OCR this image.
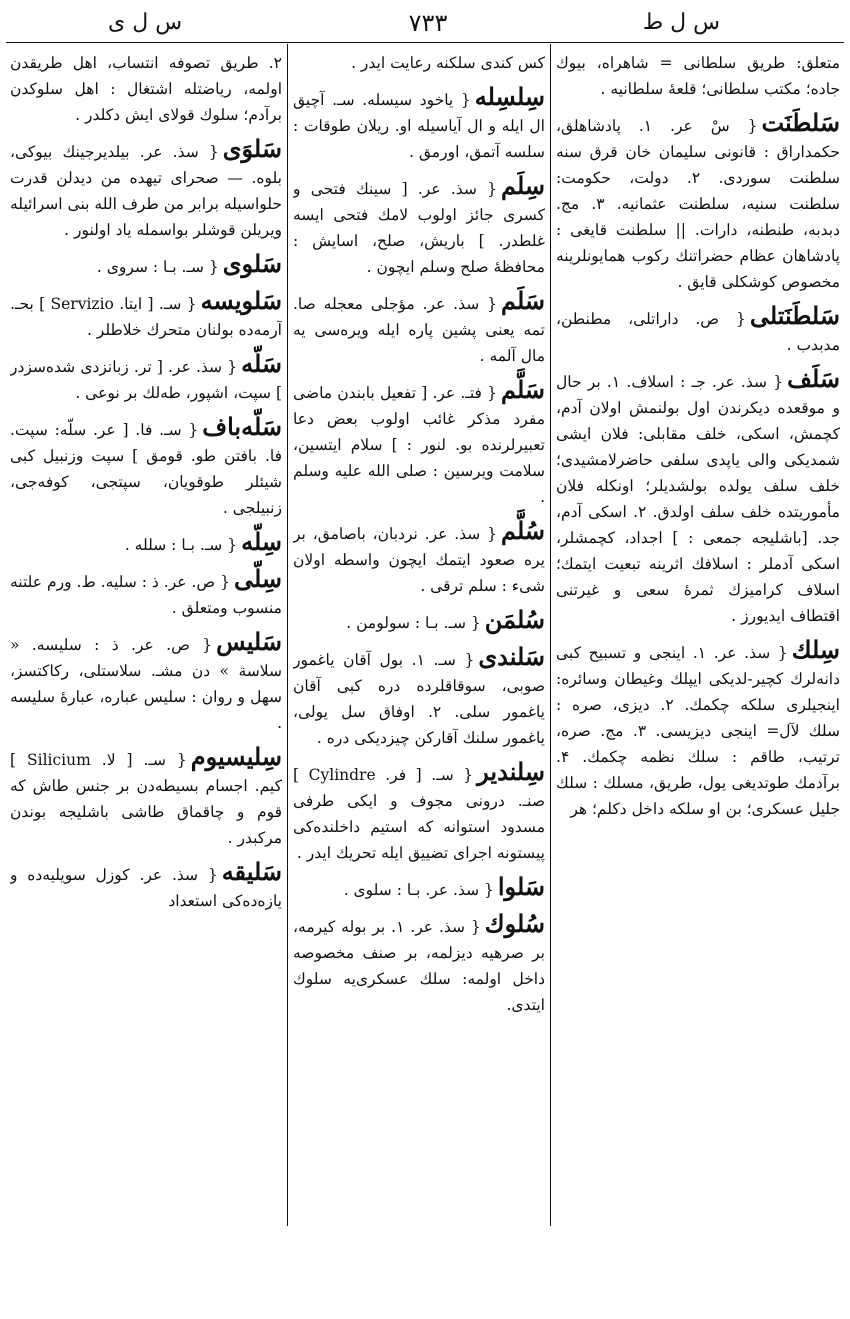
س ل ی	۷۳۳	س ل ط
متعلق: طریق سلطانی = شاهراه، بیوك جاده؛ مكتب سلطانی؛ قلعهٔ سلطانیه .
سَلطَنَت{ سْ عر. ۱. پادشاهلق، حکمداراق : قانونی سلیمان خان قرق سنه سلطنت سوردی. ۲. دولت، حکومت: سلطنت سنیه، سلطنت عثمانیه. ۳. مج. دبدبه، طنطنه، دارات. || سلطنت قایغی : پادشاهان عظام حضراتنك رکوب همایونلرینه مخصوص کوشکلی قایق .
سَلطَنَتلی{ ص. داراتلی، مطنطن، مدبدب .
سَلَف{ سذ. عر. جـ : اسلاف. ۱. بر حال و موقعده دیکرندن اول بولنمش اولان آدم، کچمش، اسکی، خلف مقابلی: فلان ایشی شمدیکی والی یاپدی سلفی حاضرلامشیدی؛ خلف سلف یولده بولشدیلر؛ اونکله فلان مأموریتده خلف سلف اولدق. ۲. اسکی آدم، جد. [باشلیجه جمعی : ] اجداد، کچمشلر، اسکی آدملر : اسلافك اثرینه تبعیت ایتمك؛ اسلاف کرامیزك ثمرهٔ سعی و غیرتنی اقتطاف ایدیورز .
سِلك{ سذ. عر. ۱. اینجی و تسبیح کبی دانه‌لرك کچیر-لدیکی ایپلك وغیطان وسائره: اینجیلری سلکه چکمك. ۲. دیزی، صره : سلك لآل= اینجی دیزیسی. ۳. مج. صره، ترتیب، طاقم : سلك نظمه چکمك. ۴. برآدمك طوتدیغی یول، طریق، مسلك : سلك جلیل عسکری؛ بن او سلکه داخل دکلم؛ هر
کس کندی سلکنه رعایت ایدر .
سِلسِله{ یاخود سیسله. سـ. آچیق ال ایله و ال آیاسیله او. ریلان طوقات : سلسه آتمق، اورمق .
سِلَم{ سذ. عر. [ سینك فتحی و کسری جائز اولوب لامك فتحی ایسه غلطدر. ] باریش، صلح، اسایش : محافظهٔ صلح وسلم ایچون .
سَلَم{ سذ. عر. مؤجلی معجله صا. تمه یعنی پشین پاره ایله ویره‌سی یه مال آلمه .
سَلَّم{ فتـ. عر. [ تفعیل بابندن ماضی مفرد مذکر غائب اولوب بعض دعا تعبیرلرنده بو. لنور : ] سلام ایتسین، سلامت ویرسین : صلی الله علیه وسلم .
سُلَّم{ سذ. عر. نردبان، باصامق، بر یره صعود ایتمك ایچون واسطه اولان شیء : سلم ترقی .
سُلمَن{ سـ. بـا : سولومن .
سَلندی{ سـ. ۱. بول آقان یاغمور صوبی، سوقاقلرده دره کبی آقان یاغمور سلی. ۲. اوفاق سل یولی، یاغمور سلنك آقارکن چیزدیکی دره .
سِلندیر{ سـ. [ فر. Cylindre ] صنـ. درونی مجوف و ایکی طرفی مسدود استوانه که استیم داخلنده‌کی پیستونه اجرای تضییق ایله تحریك ایدر .
سَلوا{ سذ. عر. بـا : سلوی .
سُلوك{ سذ. عر. ۱. بر بوله کیرمه، بر صرهیه دیزلمه، بر صنف مخصوصه داخل اولمه: سلك عسکری‌یه سلوك ایتدی.
۲. طریق تصوفه انتساب، اهل طریقدن اولمه، ریاضتله اشتغال : اهل سلوکدن برآدم؛ سلوك قولای ایش دکلدر .
سَلوَی{ سذ. عر. بیلدیرجینك بیوکی، بلوه. — صحرای تیهده من دیدلن قدرت حلواسیله برابر من طرف الله بنی اسرائیله ویریلن قوشلر بواسمله یاد اولنور .
سَلوی{ سـ. بـا : سروی .
سَلویسه{ سـ. [ ایتا. Servizio ] بحـ. آرمه‌ده بولنان متحرك خلاطلر .
سَلّه{ سذ. عر. [ تر. زبانزدی شده‌سزدر ] سپت، اشپور، طه‌لك بر نوعی .
سَلّه‌باف{ سـ. فا. [ عر. سلّه: سپت. فا. بافتن طو. قومق ] سپت وزنبیل کبی شیئلر طوقویان، سپتجی، کوفه‌جی، زنبیلجی .
سِلّه{ سـ. بـا : سلله .
سِلّی{ ص. عر. ذ : سلیه. ط. ورم علتنه منسوب ومتعلق .
سَلیس{ ص. عر. ذ : سلیسه. « سلاسة » دن مشـ. سلاستلی، رکاکتسز، سهل و روان : سلیس عباره، عبارهٔ سلیسه .
سِلیسیوم{ سـ. [ لا. Silicium ] کیم. اجسام بسیطه‌دن بر جنس طاش که قوم و چاقماق طاشی باشلیجه بوندن مرکبدر .
سَلیقه{ سذ. عر. کوزل سویلیه‌ده و یازه‌ده‌کی استعداد
